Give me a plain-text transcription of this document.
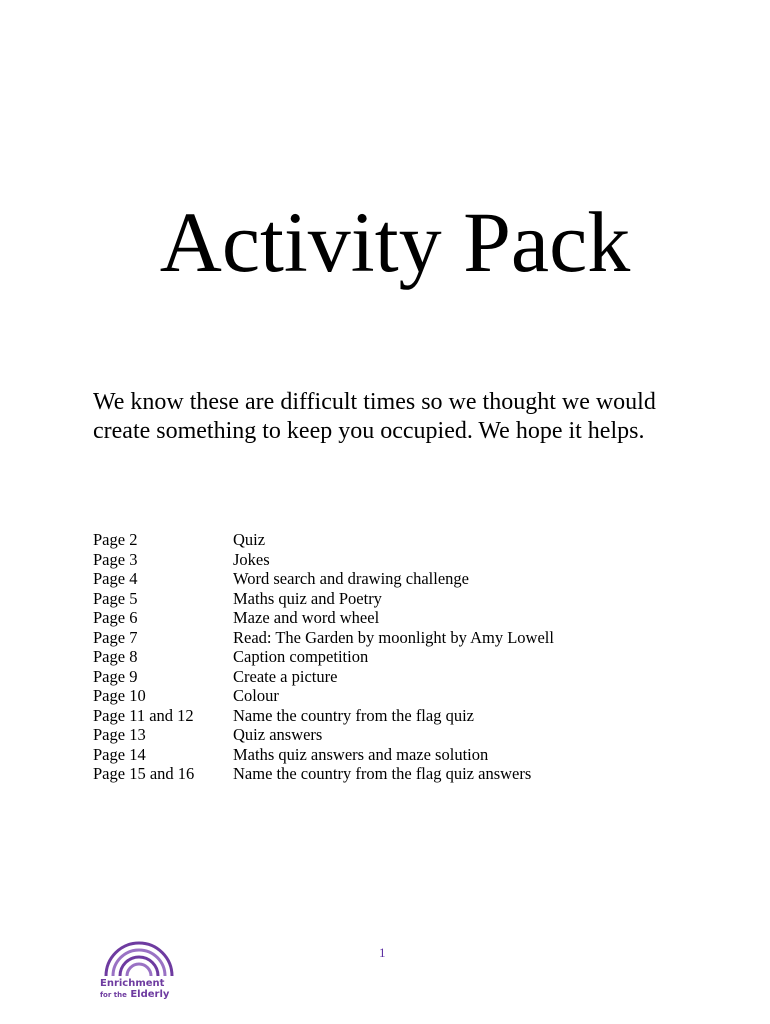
Activity Pack

We know these are difficult times so we thought we would create something to keep you occupied. We hope it helps.

Page 2	Quiz
Page 3	Jokes
Page 4	Word search and drawing challenge
Page 5	Maths quiz and Poetry
Page 6	Maze and word wheel
Page 7	Read: The Garden by moonlight by Amy Lowell
Page 8	Caption competition
Page 9	Create a picture
Page 10	Colour
Page 11 and 12	Name the country from the flag quiz
Page 13	Quiz answers
Page 14	Maths quiz answers and maze solution
Page 15 and 16	Name the country from the flag quiz answers
Enrichment
for the Elderly
1
